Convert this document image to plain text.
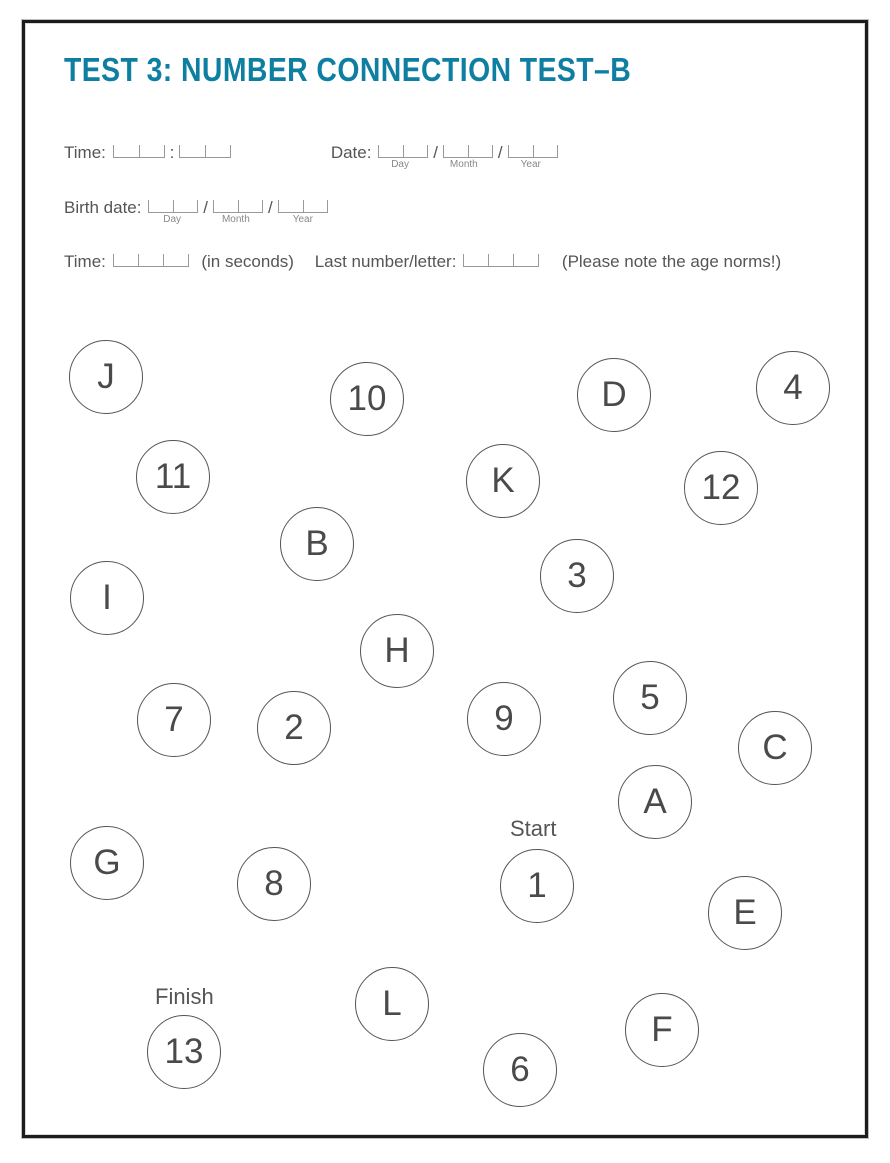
TEST 3: NUMBER CONNECTION TEST–B
Time:	:	Date:
Day
/
Month
/
Year
Birth date:
Day
/
Month
/
Year
Time:	(in seconds) Last number/letter:	(Please note the age norms!)
Start
Finish
J
10	D	4
11	K	12
B
3
I
H
5
7	2	9
C
A
G
8	1
E
L
F
13	6
